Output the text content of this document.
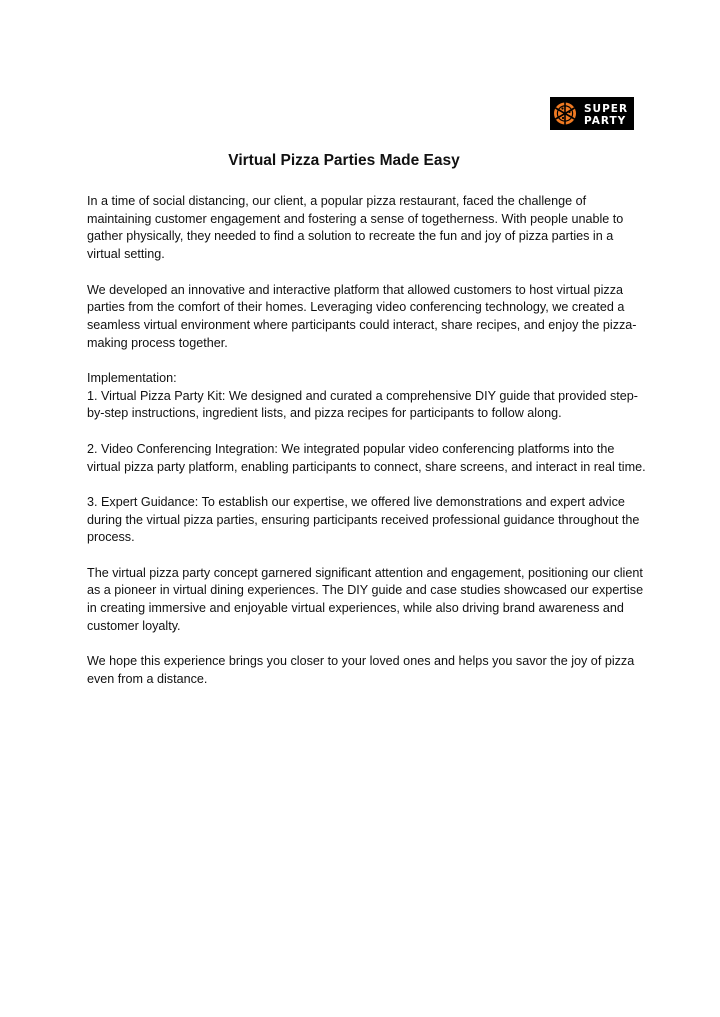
SUPER
PARTY
Virtual Pizza Parties Made Easy

In a time of social distancing, our client, a popular pizza restaurant, faced the challenge of maintaining customer engagement and fostering a sense of togetherness. With people unable to gather physically, they needed to find a solution to recreate the fun and joy of pizza parties in a virtual setting.

We developed an innovative and interactive platform that allowed customers to host virtual pizza parties from the comfort of their homes. Leveraging video conferencing technology, we created a seamless virtual environment where participants could interact, share recipes, and enjoy the pizza-making process together.

Implementation:

1. Virtual Pizza Party Kit: We designed and curated a comprehensive DIY guide that provided step-by-step instructions, ingredient lists, and pizza recipes for participants to follow along.

2. Video Conferencing Integration: We integrated popular video conferencing platforms into the virtual pizza party platform, enabling participants to connect, share screens, and interact in real time.

3. Expert Guidance: To establish our expertise, we offered live demonstrations and expert advice during the virtual pizza parties, ensuring participants received professional guidance throughout the process.

The virtual pizza party concept garnered significant attention and engagement, positioning our client as a pioneer in virtual dining experiences. The DIY guide and case studies showcased our expertise in creating immersive and enjoyable virtual experiences, while also driving brand awareness and customer loyalty.

We hope this experience brings you closer to your loved ones and helps you savor the joy of pizza even from a distance.
